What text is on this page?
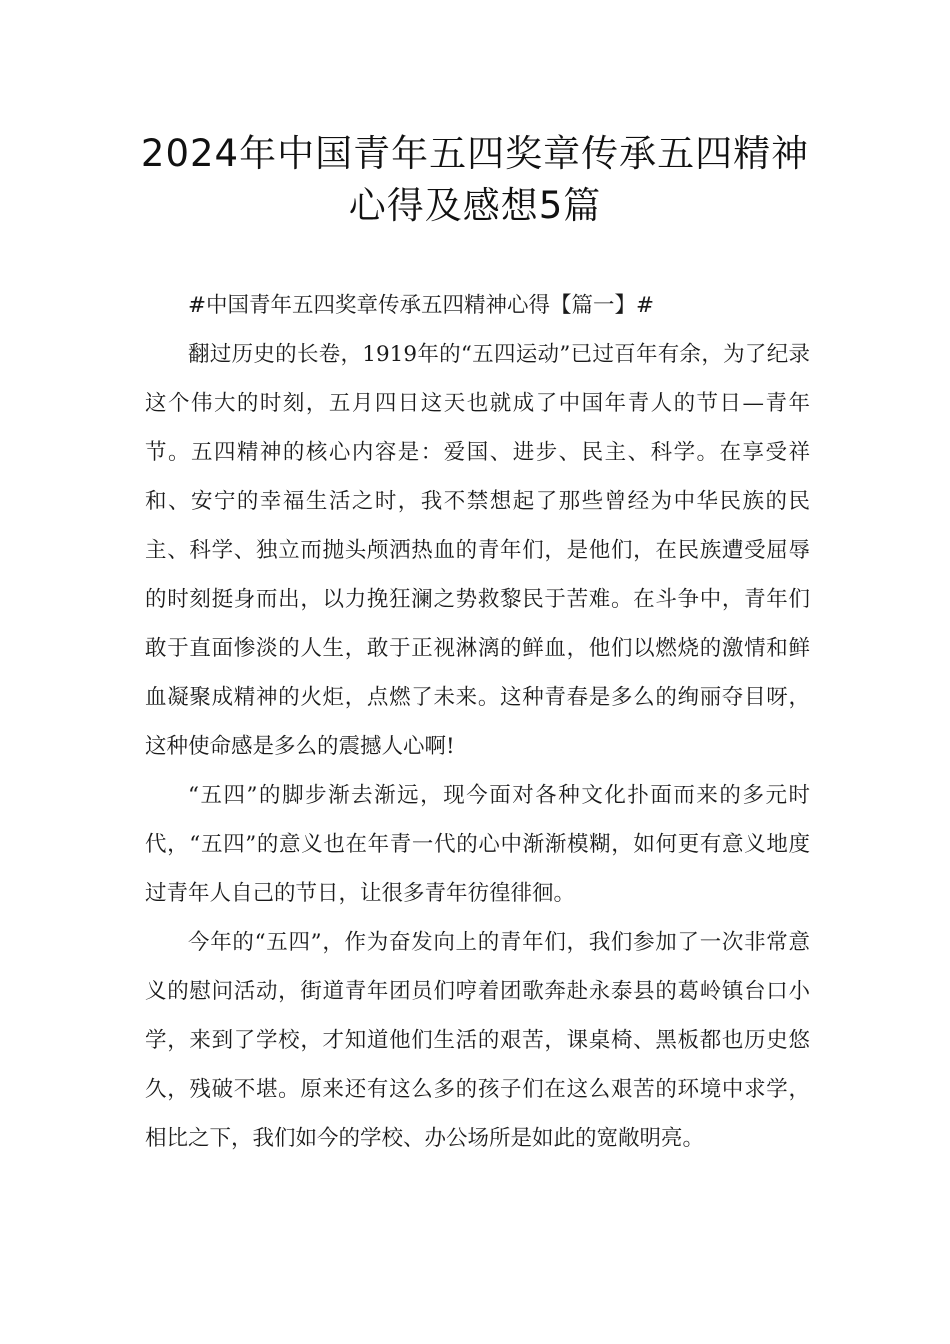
2024年中国青年五四奖章传承五四精神
心得及感想5篇

#中国青年五四奖章传承五四精神心得【篇一】#

翻过历史的长卷，1919年的“五四运动”已过百年有余，为了纪录这个伟大的时刻，五月四日这天也就成了中国年青人的节日—青年节。五四精神的核心内容是：爱国、进步、民主、科学。在享受祥和、安宁的幸福生活之时，我不禁想起了那些曾经为中华民族的民主、科学、独立而抛头颅洒热血的青年们，是他们，在民族遭受屈辱的时刻挺身而出，以力挽狂澜之势救黎民于苦难。在斗争中，青年们敢于直面惨淡的人生，敢于正视淋漓的鲜血，他们以燃烧的激情和鲜血凝聚成精神的火炬，点燃了未来。这种青春是多么的绚丽夺目呀，这种使命感是多么的震撼人心啊!

“五四”的脚步渐去渐远，现今面对各种文化扑面而来的多元时代，“五四”的意义也在年青一代的心中渐渐模糊，如何更有意义地度过青年人自己的节日，让很多青年彷徨徘徊。

今年的“五四”，作为奋发向上的青年们，我们参加了一次非常意义的慰问活动，街道青年团员们哼着团歌奔赴永泰县的葛岭镇台口小学，来到了学校，才知道他们生活的艰苦，课桌椅、黑板都也历史悠久，残破不堪。原来还有这么多的孩子们在这么艰苦的环境中求学，相比之下，我们如今的学校、办公场所是如此的宽敞明亮。
